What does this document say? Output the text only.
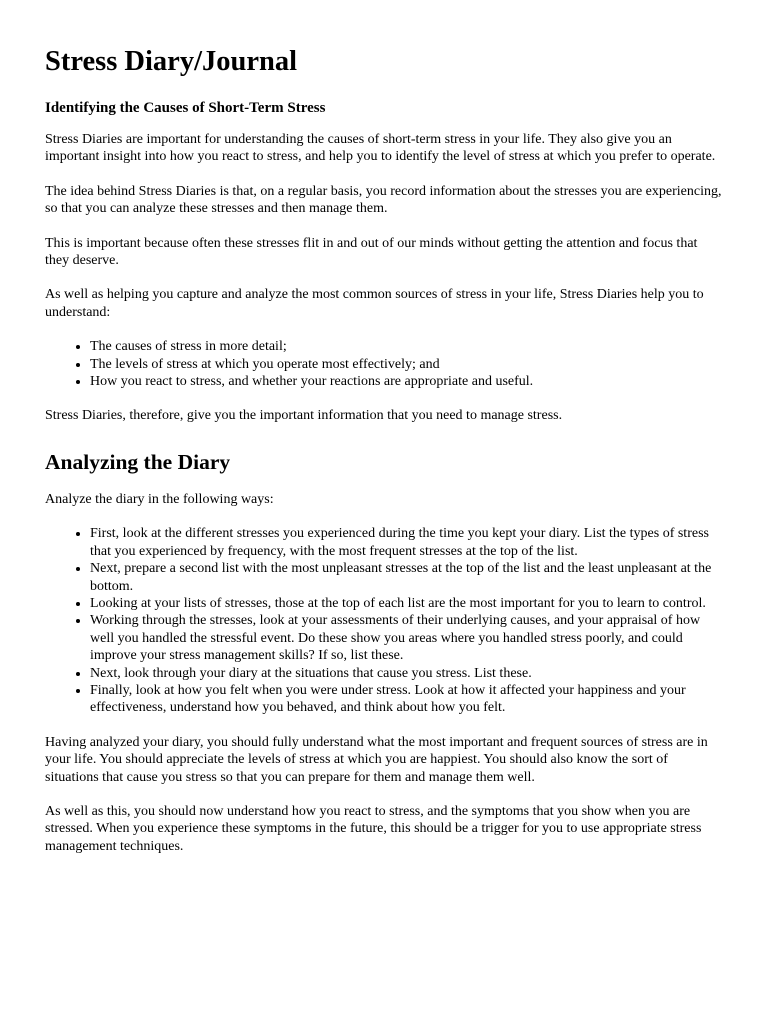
Stress Diary/Journal
Identifying the Causes of Short-Term Stress

Stress Diaries are important for understanding the causes of short-term stress in your life. They also give you an important insight into how you react to stress, and help you to identify the level of stress at which you prefer to operate.

The idea behind Stress Diaries is that, on a regular basis, you record information about the stresses you are experiencing, so that you can analyze these stresses and then manage them.

This is important because often these stresses flit in and out of our minds without getting the attention and focus that they deserve.

As well as helping you capture and analyze the most common sources of stress in your life, Stress Diaries help you to understand:

• The causes of stress in more detail;
• The levels of stress at which you operate most effectively; and
• How you react to stress, and whether your reactions are appropriate and useful.

Stress Diaries, therefore, give you the important information that you need to manage stress.

Analyzing the Diary

Analyze the diary in the following ways:

• First, look at the different stresses you experienced during the time you kept your diary. List the types of stress that you experienced by frequency, with the most frequent stresses at the top of the list.
• Next, prepare a second list with the most unpleasant stresses at the top of the list and the least unpleasant at the bottom.
• Looking at your lists of stresses, those at the top of each list are the most important for you to learn to control.
• Working through the stresses, look at your assessments of their underlying causes, and your appraisal of how well you handled the stressful event. Do these show you areas where you handled stress poorly, and could improve your stress management skills? If so, list these.
• Next, look through your diary at the situations that cause you stress. List these.
• Finally, look at how you felt when you were under stress. Look at how it affected your happiness and your effectiveness, understand how you behaved, and think about how you felt.

Having analyzed your diary, you should fully understand what the most important and frequent sources of stress are in your life. You should appreciate the levels of stress at which you are happiest. You should also know the sort of situations that cause you stress so that you can prepare for them and manage them well.

As well as this, you should now understand how you react to stress, and the symptoms that you show when you are stressed. When you experience these symptoms in the future, this should be a trigger for you to use appropriate stress management techniques.
